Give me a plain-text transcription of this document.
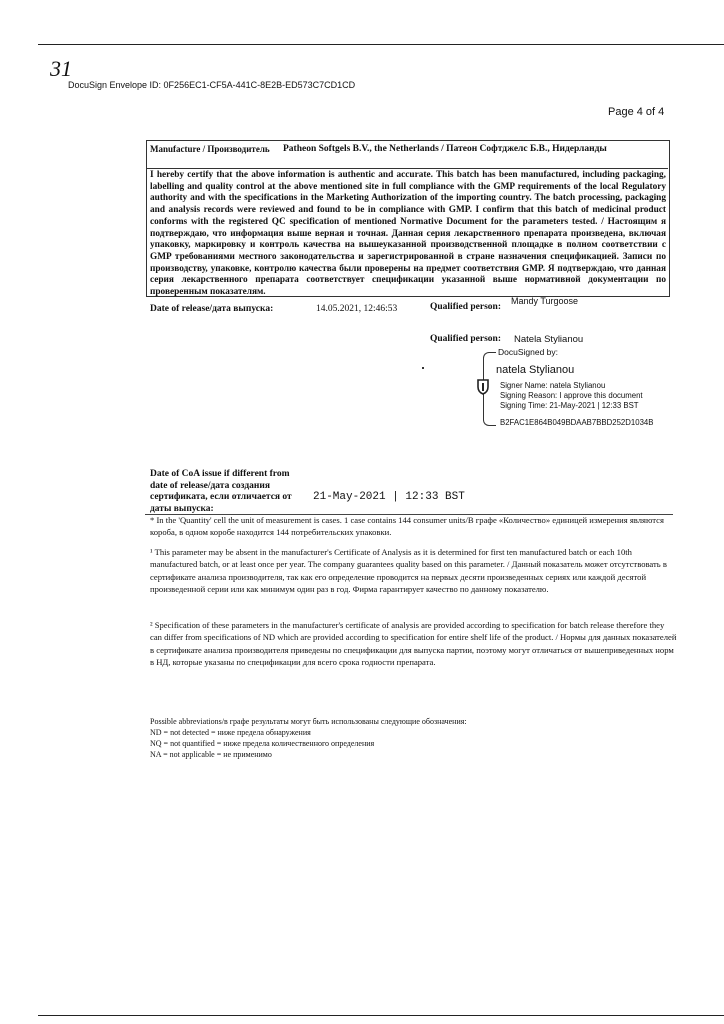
31
DocuSign Envelope ID: 0F256EC1-CF5A-441C-8E2B-ED573C7CD1CD
Page 4 of 4
Manufacture / Производитель Patheon Softgels B.V., the Netherlands / Патеон Софтджелс Б.В., Нидерланды
I hereby certify that the above information is authentic and accurate. This batch has been manufactured, including packaging, labelling and quality control at the above mentioned site in full compliance with the GMP requirements of the local Regulatory authority and with the specifications in the Marketing Authorization of the importing country. The batch processing, packaging and analysis records were reviewed and found to be in compliance with GMP. I confirm that this batch of medicinal product conforms with the registered QC specification of mentioned Normative Document for the parameters tested. / Настоящим я подтверждаю, что информация выше верная и точная. Данная серия лекарственного препарата произведена, включая упаковку, маркировку и контроль качества на вышеуказанной производственной площадке в полном соответствии с GMP требованиями местного законодательства и зарегистрированной в стране назначения спецификацией. Записи по производству, упаковке, контролю качества были проверены на предмет соответствия GMP. Я подтверждаю, что данная серия лекарственного препарата соответствует спецификации указанной выше нормативной документации по проверенным показателям.
Date of release/дата выпуска:	14.05.2021, 12:46:53	Qualified person:
Mandy Turgoose
Qualified person: Natela Stylianou
DocuSigned by:
natela Stylianou
Signer Name: natela Stylianou
Signing Reason: I approve this document
Signing Time: 21-May-2021 | 12:33 BST
B2FAC1E864B049BDAAB7BBD252D1034B
Date of CoA issue if different from
date of release/дата создания
сертификата, если отличается от
даты выпуска:
21-May-2021 | 12:33 BST
* In the 'Quantity' cell the unit of measurement is cases. 1 case contains 144 consumer units/В графе «Количество» единицей измерения являются короба, в одном коробе находится 144 потребительских упаковки.
¹ This parameter may be absent in the manufacturer's Certificate of Analysis as it is determined for first ten manufactured batch or each 10th manufactured batch, or at least once per year. The company guarantees quality based on this parameter. / Данный показатель может отсутствовать в сертификате анализа производителя, так как его определение проводится на первых десяти произведенных сериях или каждой десятой произведенной серии или как минимум один раз в год. Фирма гарантирует качество по данному показателю.
² Specification of these parameters in the manufacturer's certificate of analysis are provided according to specification for batch release therefore they can differ from specifications of ND which are provided according to specification for entire shelf life of the product. / Нормы для данных показателей в сертификате анализа производителя приведены по спецификации для выпуска партии, поэтому могут отличаться от вышеприведенных норм в НД, которые указаны по спецификации для всего срока годности препарата.
Possible abbreviations/в графе результаты могут быть использованы следующие обозначения:
ND = not detected = ниже предела обнаружения
NQ = not quantified = ниже предела количественного определения
NA = not applicable = не применимо
